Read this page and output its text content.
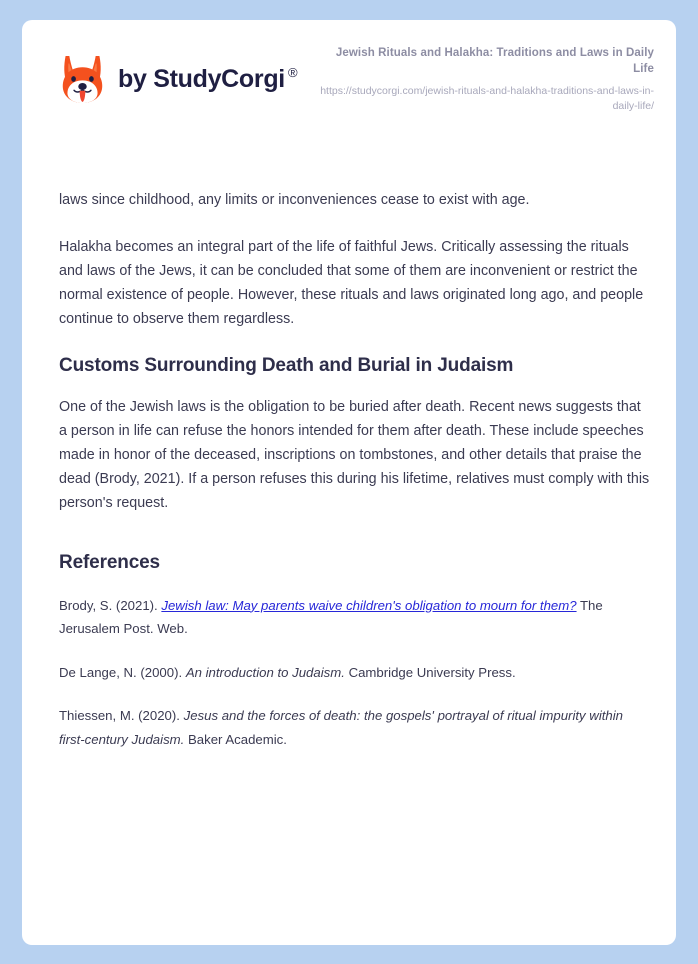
by StudyCorgi ®
Jewish Rituals and Halakha: Traditions and Laws in Daily Life
https://studycorgi.com/jewish-rituals-and-halakha-traditions-and-laws-in-daily-life/

laws since childhood, any limits or inconveniences cease to exist with age.

Halakha becomes an integral part of the life of faithful Jews. Critically assessing the rituals and laws of the Jews, it can be concluded that some of them are inconvenient or restrict the normal existence of people. However, these rituals and laws originated long ago, and people continue to observe them regardless.

Customs Surrounding Death and Burial in Judaism

One of the Jewish laws is the obligation to be buried after death. Recent news suggests that a person in life can refuse the honors intended for them after death. These include speeches made in honor of the deceased, inscriptions on tombstones, and other details that praise the dead (Brody, 2021). If a person refuses this during his lifetime, relatives must comply with this person's request.

References

Brody, S. (2021). Jewish law: May parents waive children's obligation to mourn for them? The Jerusalem Post. Web.

De Lange, N. (2000). An introduction to Judaism. Cambridge University Press.

Thiessen, M. (2020). Jesus and the forces of death: the gospels' portrayal of ritual impurity within first-century Judaism. Baker Academic.
